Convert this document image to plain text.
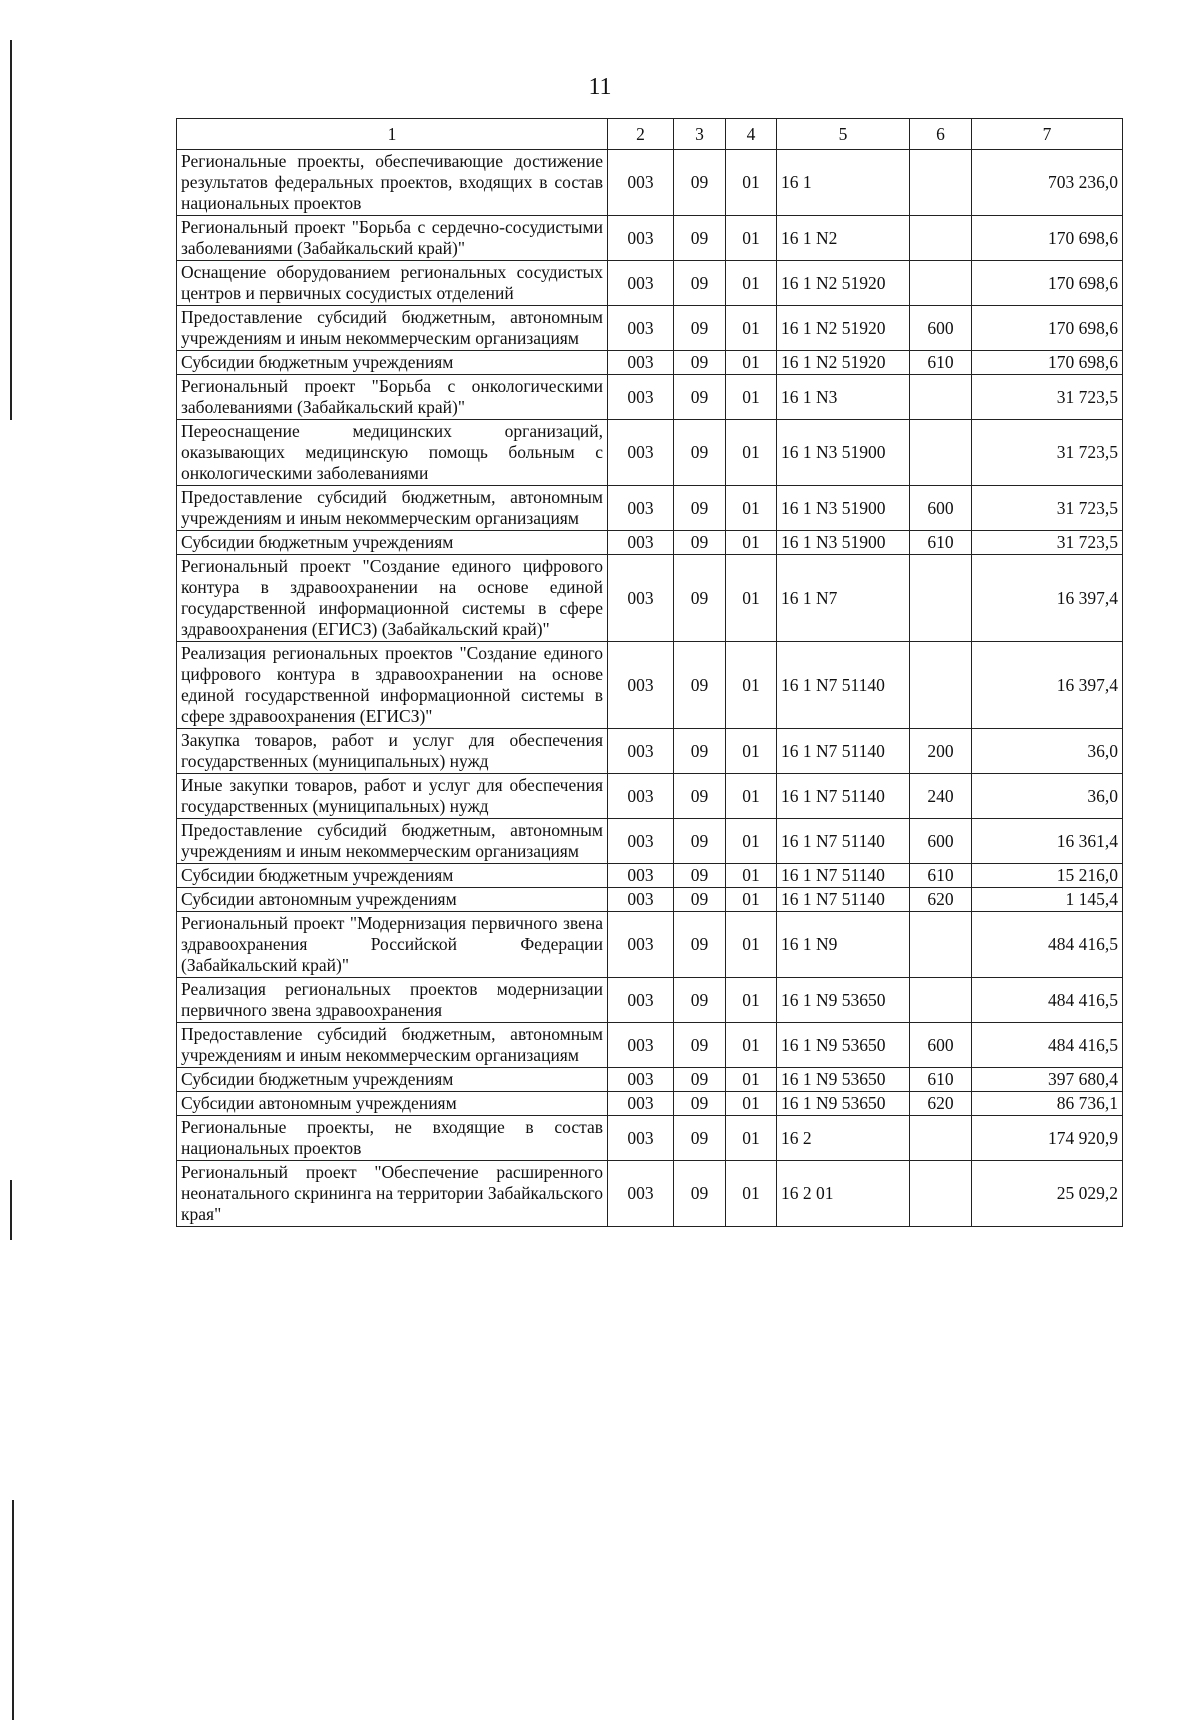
11
1	2	3	4	5	6	7
Региональные проекты, обеспечивающие достижение результатов федеральных проектов, входящих в состав национальных проектов	003	09	01	16 1		703 236,0
Региональный проект "Борьба с сердечно-сосудистыми заболеваниями (Забайкальский край)"	003	09	01	16 1 N2		170 698,6
Оснащение оборудованием региональных сосудистых центров и первичных сосудистых отделений	003	09	01	16 1 N2 51920		170 698,6
Предоставление субсидий бюджетным, автономным учреждениям и иным некоммерческим организациям	003	09	01	16 1 N2 51920	600	170 698,6
Субсидии бюджетным учреждениям	003	09	01	16 1 N2 51920	610	170 698,6
Региональный проект "Борьба с онкологическими заболеваниями (Забайкальский край)"	003	09	01	16 1 N3		31 723,5
Переоснащение медицинских организаций, оказывающих медицинскую помощь больным с онкологическими заболеваниями	003	09	01	16 1 N3 51900		31 723,5
Предоставление субсидий бюджетным, автономным учреждениям и иным некоммерческим организациям	003	09	01	16 1 N3 51900	600	31 723,5
Субсидии бюджетным учреждениям	003	09	01	16 1 N3 51900	610	31 723,5
Региональный проект "Создание единого цифрового контура в здравоохранении на основе единой государственной информационной системы в сфере здравоохранения (ЕГИСЗ) (Забайкальский край)"	003	09	01	16 1 N7		16 397,4
Реализация региональных проектов "Создание единого цифрового контура в здравоохранении на основе единой государственной информационной системы в сфере здравоохранения (ЕГИСЗ)"	003	09	01	16 1 N7 51140		16 397,4
Закупка товаров, работ и услуг для обеспечения государственных (муниципальных) нужд	003	09	01	16 1 N7 51140	200	36,0
Иные закупки товаров, работ и услуг для обеспечения государственных (муниципальных) нужд	003	09	01	16 1 N7 51140	240	36,0
Предоставление субсидий бюджетным, автономным учреждениям и иным некоммерческим организациям	003	09	01	16 1 N7 51140	600	16 361,4
Субсидии бюджетным учреждениям	003	09	01	16 1 N7 51140	610	15 216,0
Субсидии автономным учреждениям	003	09	01	16 1 N7 51140	620	1 145,4
Региональный проект "Модернизация первичного звена здравоохранения Российской Федерации (Забайкальский край)"	003	09	01	16 1 N9		484 416,5
Реализация региональных проектов модернизации первичного звена здравоохранения	003	09	01	16 1 N9 53650		484 416,5
Предоставление субсидий бюджетным, автономным учреждениям и иным некоммерческим организациям	003	09	01	16 1 N9 53650	600	484 416,5
Субсидии бюджетным учреждениям	003	09	01	16 1 N9 53650	610	397 680,4
Субсидии автономным учреждениям	003	09	01	16 1 N9 53650	620	86 736,1
Региональные проекты, не входящие в состав национальных проектов	003	09	01	16 2		174 920,9
Региональный проект "Обеспечение расширенного неонатального скрининга на территории Забайкальского края"	003	09	01	16 2 01		25 029,2
